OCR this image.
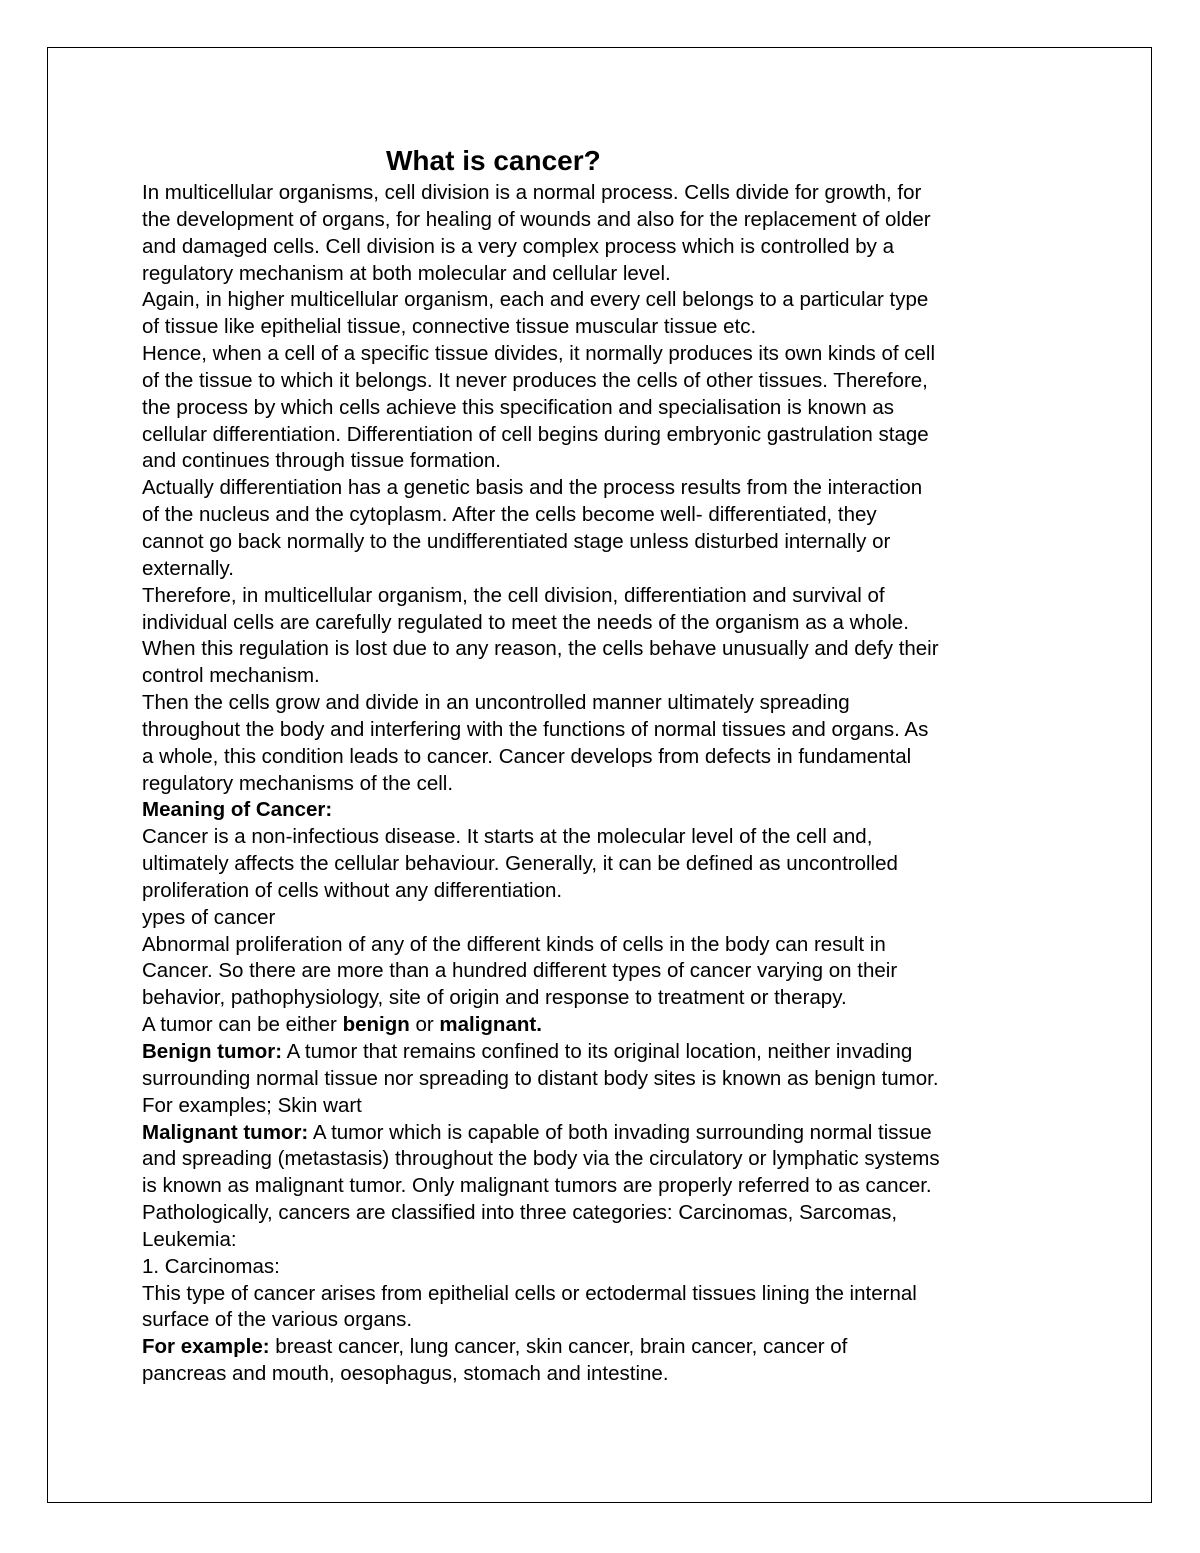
What is cancer?
In multicellular organisms, cell division is a normal process. Cells divide for growth, for
the development of organs, for healing of wounds and also for the replacement of older
and damaged cells. Cell division is a very complex process which is controlled by a
regulatory mechanism at both molecular and cellular level.
Again, in higher multicellular organism, each and every cell belongs to a particular type
of tissue like epithelial tissue, connective tissue muscular tissue etc.
Hence, when a cell of a specific tissue divides, it normally produces its own kinds of cell
of the tissue to which it belongs. It never produces the cells of other tissues. Therefore,
the process by which cells achieve this specification and specialisation is known as
cellular differentiation. Differentiation of cell begins during embryonic gastrulation stage
and continues through tissue formation.
Actually differentiation has a genetic basis and the process results from the interaction
of the nucleus and the cytoplasm. After the cells become well- differentiated, they
cannot go back normally to the undifferentiated stage unless disturbed internally or
externally.
Therefore, in multicellular organism, the cell division, differentiation and survival of
individual cells are carefully regulated to meet the needs of the organism as a whole.
When this regulation is lost due to any reason, the cells behave unusually and defy their
control mechanism.
Then the cells grow and divide in an uncontrolled manner ultimately spreading
throughout the body and interfering with the functions of normal tissues and organs. As
a whole, this condition leads to cancer. Cancer develops from defects in fundamental
regulatory mechanisms of the cell.
Meaning of Cancer:
Cancer is a non-infectious disease. It starts at the molecular level of the cell and,
ultimately affects the cellular behaviour. Generally, it can be defined as uncontrolled
proliferation of cells without any differentiation.
ypes of cancer
Abnormal proliferation of any of the different kinds of cells in the body can result in
Cancer. So there are more than a hundred different types of cancer varying on their
behavior, pathophysiology, site of origin and response to treatment or therapy.
A tumor can be either benign or malignant.
Benign tumor: A tumor that remains confined to its original location, neither invading
surrounding normal tissue nor spreading to distant body sites is known as benign tumor.
For examples; Skin wart
Malignant tumor: A tumor which is capable of both invading surrounding normal tissue
and spreading (metastasis) throughout the body via the circulatory or lymphatic systems
is known as malignant tumor. Only malignant tumors are properly referred to as cancer.
Pathologically, cancers are classified into three categories: Carcinomas, Sarcomas,
Leukemia:
1. Carcinomas:
This type of cancer arises from epithelial cells or ectodermal tissues lining the internal
surface of the various organs.
For example: breast cancer, lung cancer, skin cancer, brain cancer, cancer of
pancreas and mouth, oesophagus, stomach and intestine.
